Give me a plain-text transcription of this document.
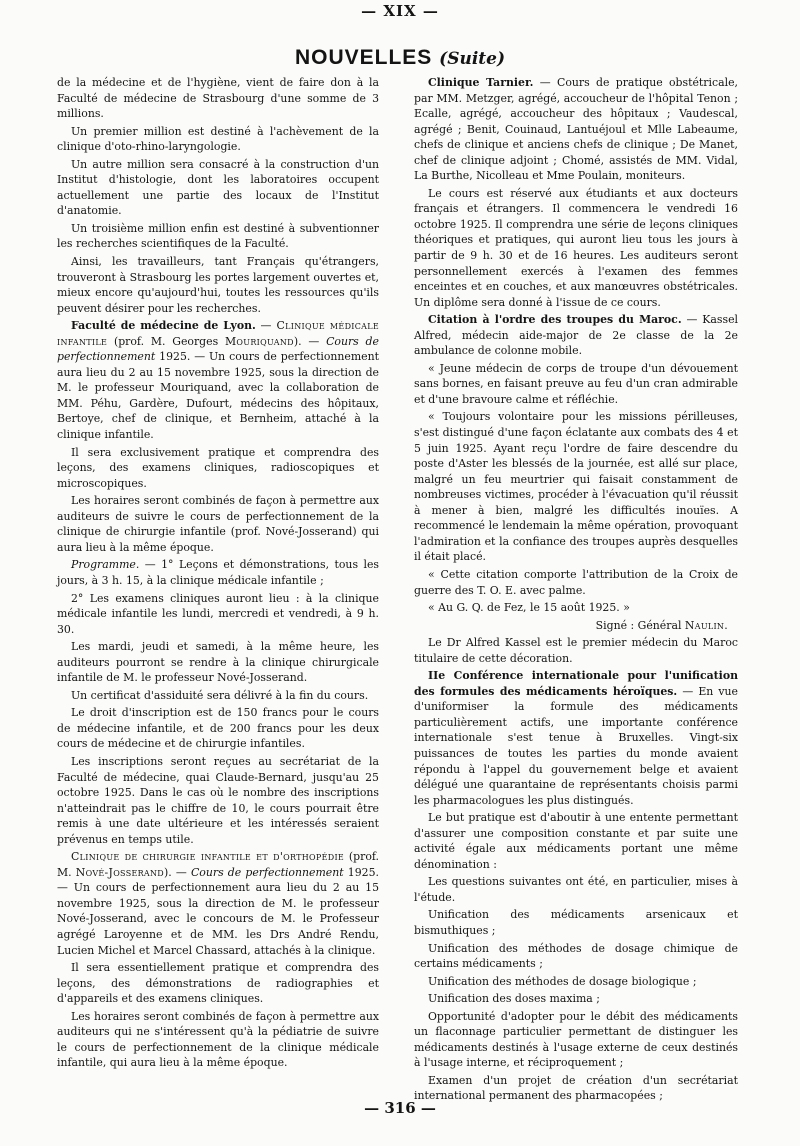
— XIX —
NOUVELLES (Suite)

de la médecine et de l'hygiène, vient de faire don à la Faculté de médecine de Strasbourg d'une somme de 3 millions.

Un premier million est destiné à l'achèvement de la clinique d'oto-rhino-laryngologie.

Un autre million sera consacré à la construction d'un Institut d'histologie, dont les laboratoires occupent actuellement une partie des locaux de l'Institut d'anatomie.

Un troisième million enfin est destiné à subventionner les recherches scientifiques de la Faculté.

Ainsi, les travailleurs, tant Français qu'étrangers, trouveront à Strasbourg les portes largement ouvertes et, mieux encore qu'aujourd'hui, toutes les ressources qu'ils peuvent désirer pour les recherches.

Faculté de médecine de Lyon. — Clinique médicale infantile (prof. M. Georges Mouriquand). — Cours de perfectionnement 1925. — Un cours de perfectionnement aura lieu du 2 au 15 novembre 1925, sous la direction de M. le professeur Mouriquand, avec la collaboration de MM. Péhu, Gardère, Dufourt, médecins des hôpitaux, Bertoye, chef de clinique, et Bernheim, attaché à la clinique infantile.

Il sera exclusivement pratique et comprendra des leçons, des examens cliniques, radioscopiques et microscopiques.

Les horaires seront combinés de façon à permettre aux auditeurs de suivre le cours de perfectionnement de la clinique de chirurgie infantile (prof. Nové-Josserand) qui aura lieu à la même époque.

Programme. — 1° Leçons et démonstrations, tous les jours, à 3 h. 15, à la clinique médicale infantile ;

2° Les examens cliniques auront lieu : à la clinique médicale infantile les lundi, mercredi et vendredi, à 9 h. 30.

Les mardi, jeudi et samedi, à la même heure, les auditeurs pourront se rendre à la clinique chirurgicale infantile de M. le professeur Nové-Josserand.

Un certificat d'assiduité sera délivré à la fin du cours.

Le droit d'inscription est de 150 francs pour le cours de médecine infantile, et de 200 francs pour les deux cours de médecine et de chirurgie infantiles.

Les inscriptions seront reçues au secrétariat de la Faculté de médecine, quai Claude-Bernard, jusqu'au 25 octobre 1925. Dans le cas où le nombre des inscriptions n'atteindrait pas le chiffre de 10, le cours pourrait être remis à une date ultérieure et les intéressés seraient prévenus en temps utile.

Clinique de chirurgie infantile et d'orthopédie (prof. M. Nové-Josserand). — Cours de perfectionnement 1925. — Un cours de perfectionnement aura lieu du 2 au 15 novembre 1925, sous la direction de M. le professeur Nové-Josserand, avec le concours de M. le Professeur agrégé Laroyenne et de MM. les Drs André Rendu, Lucien Michel et Marcel Chassard, attachés à la clinique.

Il sera essentiellement pratique et comprendra des leçons, des démonstrations de radiographies et d'appareils et des examens cliniques.

Les horaires seront combinés de façon à permettre aux auditeurs qui ne s'intéressent qu'à la pédiatrie de suivre le cours de perfectionnement de la clinique médicale infantile, qui aura lieu à la même époque.

Clinique Tarnier. — Cours de pratique obstétricale, par MM. Metzger, agrégé, accoucheur de l'hôpital Tenon ; Ecalle, agrégé, accoucheur des hôpitaux ; Vaudescal, agrégé ; Benit, Couinaud, Lantuéjoul et Mlle Labeaume, chefs de clinique et anciens chefs de clinique ; De Manet, chef de clinique adjoint ; Chomé, assistés de MM. Vidal, La Burthe, Nicolleau et Mme Poulain, moniteurs.

Le cours est réservé aux étudiants et aux docteurs français et étrangers. Il commencera le vendredi 16 octobre 1925. Il comprendra une série de leçons cliniques théoriques et pratiques, qui auront lieu tous les jours à partir de 9 h. 30 et de 16 heures. Les auditeurs seront personnellement exercés à l'examen des femmes enceintes et en couches, et aux manœuvres obstétricales. Un diplôme sera donné à l'issue de ce cours.

Citation à l'ordre des troupes du Maroc. — Kassel Alfred, médecin aide-major de 2e classe de la 2e ambulance de colonne mobile.

« Jeune médecin de corps de troupe d'un dévouement sans bornes, en faisant preuve au feu d'un cran admirable et d'une bravoure calme et réfléchie.

« Toujours volontaire pour les missions périlleuses, s'est distingué d'une façon éclatante aux combats des 4 et 5 juin 1925. Ayant reçu l'ordre de faire descendre du poste d'Aster les blessés de la journée, est allé sur place, malgré un feu meurtrier qui faisait constamment de nombreuses victimes, procéder à l'évacuation qu'il réussit à mener à bien, malgré les difficultés inouïes. A recommencé le lendemain la même opération, provoquant l'admiration et la confiance des troupes auprès desquelles il était placé.

« Cette citation comporte l'attribution de la Croix de guerre des T. O. E. avec palme.

« Au G. Q. de Fez, le 15 août 1925. »

Signé : Général Naulin.

Le Dr Alfred Kassel est le premier médecin du Maroc titulaire de cette décoration.

IIe Conférence internationale pour l'unification des formules des médicaments héroïques. — En vue d'uniformiser la formule des médicaments particulièrement actifs, une importante conférence internationale s'est tenue à Bruxelles. Vingt-six puissances de toutes les parties du monde avaient répondu à l'appel du gouvernement belge et avaient délégué une quarantaine de représentants choisis parmi les pharmacologues les plus distingués.

Le but pratique est d'aboutir à une entente permettant d'assurer une composition constante et par suite une activité égale aux médicaments portant une même dénomination :

Les questions suivantes ont été, en particulier, mises à l'étude.

Unification des médicaments arsenicaux et bismuthiques ;

Unification des méthodes de dosage chimique de certains médicaments ;

Unification des méthodes de dosage biologique ;

Unification des doses maxima ;

Opportunité d'adopter pour le débit des médicaments un flaconnage particulier permettant de distinguer les médicaments destinés à l'usage externe de ceux destinés à l'usage interne, et réciproquement ;

Examen d'un projet de création d'un secrétariat international permanent des pharmacopées ;

— 316 —
